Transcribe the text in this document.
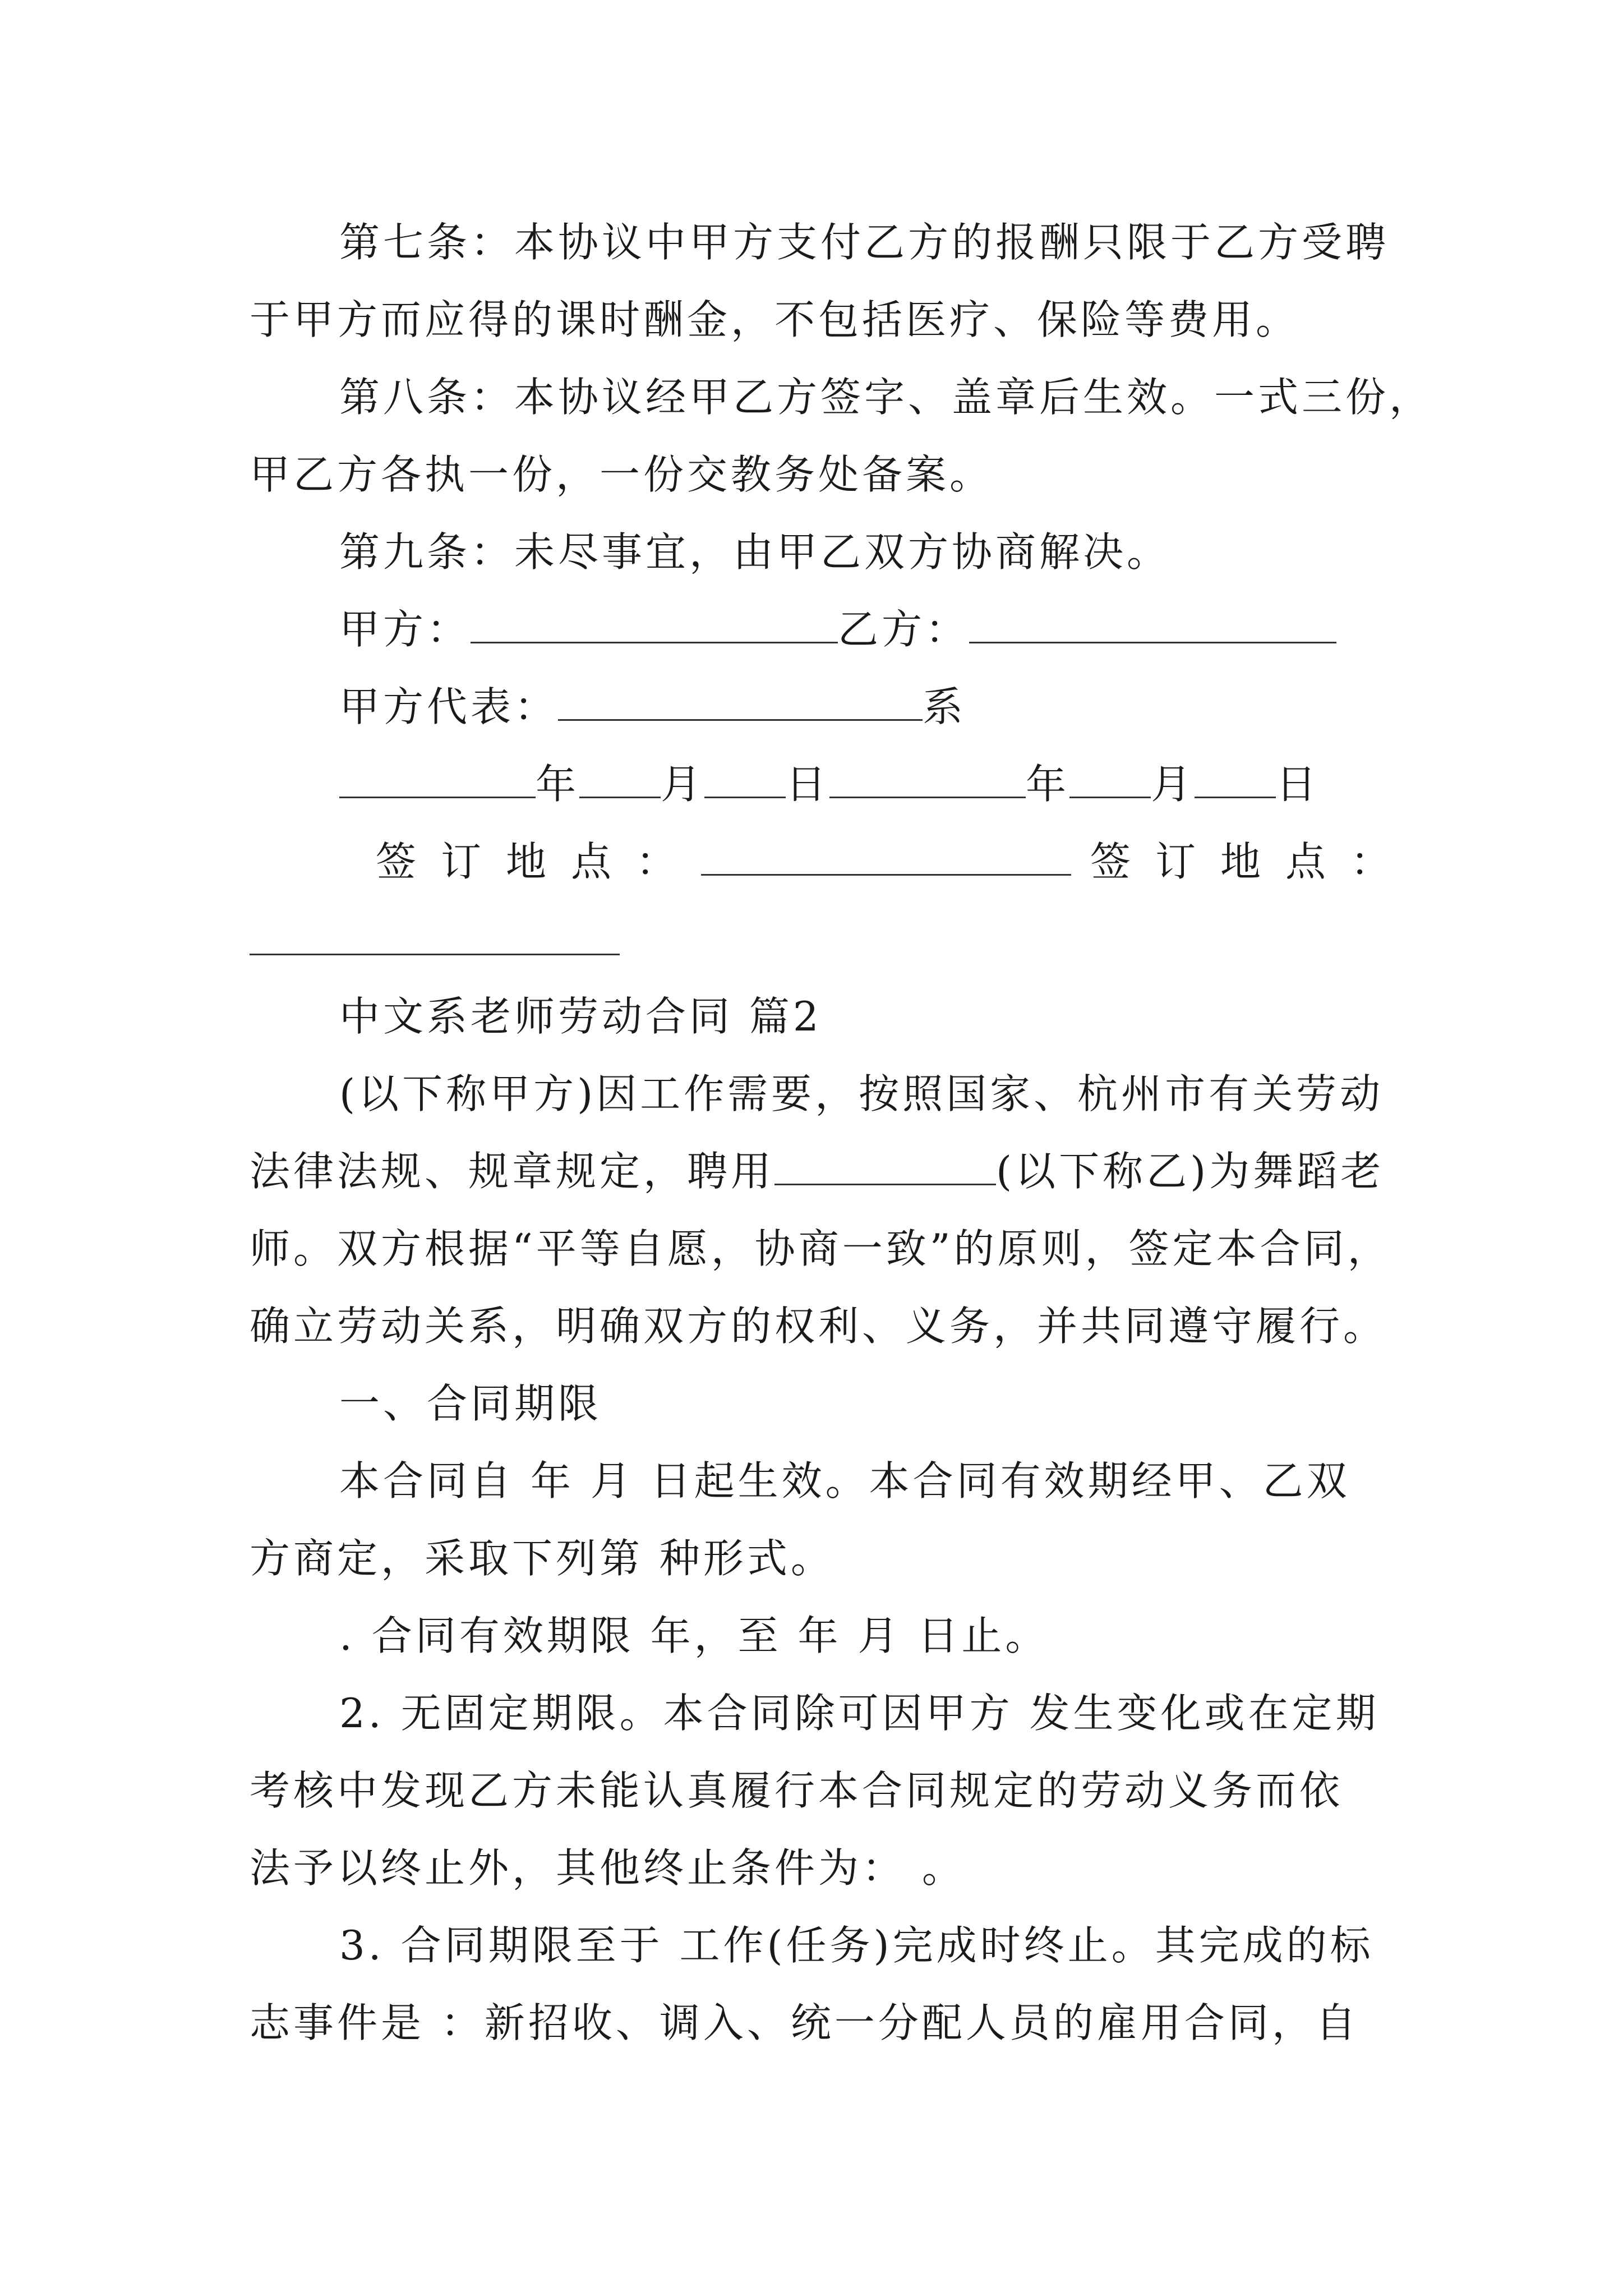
第七条：本协议中甲方支付乙方的报酬只限于乙方受聘
于甲方而应得的课时酬金，不包括医疗、保险等费用。
第八条：本协议经甲乙方签字、盖章后生效。一式三份，
甲乙方各执一份，一份交教务处备案。
第九条：未尽事宜，由甲乙双方协商解决。
甲方：	乙方：
甲方代表：	系
年 月 日	年 月 日
签订地点：	签订地点：
中文系老师劳动合同 篇2
(以下称甲方)因工作需要，按照国家、杭州市有关劳动
法律法规、规章规定，聘用	(以下称乙)为舞蹈老
师。双方根据“平等自愿，协商一致”的原则，签定本合同，
确立劳动关系，明确双方的权利、义务，并共同遵守履行。
一、合同期限
本合同自 年 月 日起生效。本合同有效期经甲、乙双
方商定，采取下列第 种形式。
. 合同有效期限 年，至 年 月 日止。
2. 无固定期限。本合同除可因甲方 发生变化或在定期
考核中发现乙方未能认真履行本合同规定的劳动义务而依
法予以终止外，其他终止条件为： 。
3. 合同期限至于 工作(任务)完成时终止。其完成的标
志事件是 ：新招收、调入、统一分配人员的雇用合同，自
